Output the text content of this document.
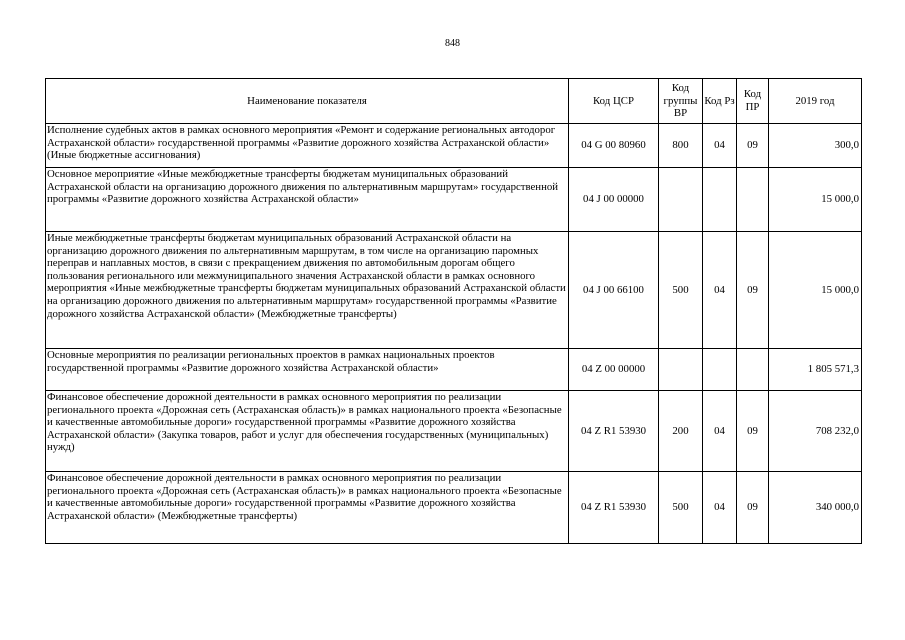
848
Наименование показателя	Код ЦСР	Код группы ВР	Код Рз	Код ПР	2019 год
Исполнение судебных актов в рамках основного мероприятия «Ремонт и содержание региональных автодорог Астраханской области» государственной программы «Развитие дорожного хозяйства Астраханской области» (Иные бюджетные ассигнования)	04 G 00 80960	800	04	09	300,0
Основное мероприятие «Иные межбюджетные трансферты бюджетам муниципальных образований Астраханской области на организацию дорожного движения по альтернативным маршрутам» государственной программы «Развитие дорожного хозяйства Астраханской области»	04 J 00 00000				15 000,0
Иные межбюджетные трансферты бюджетам муниципальных образований Астраханской области на организацию дорожного движения по альтернативным маршрутам, в том числе на организацию паромных переправ и наплавных мостов, в связи с прекращением движения по автомобильным дорогам общего пользования регионального или межмуниципального значения Астраханской области в рамках основного мероприятия «Иные межбюджетные трансферты бюджетам муниципальных образований Астраханской области на организацию дорожного движения по альтернативным маршрутам» государственной программы «Развитие дорожного хозяйства Астраханской области» (Межбюджетные трансферты)	04 J 00 66100	500	04	09	15 000,0
Основные мероприятия по реализации региональных проектов в рамках национальных проектов государственной программы «Развитие дорожного хозяйства Астраханской области»	04 Z 00 00000				1 805 571,3
Финансовое обеспечение дорожной деятельности в рамках основного мероприятия по реализации регионального проекта «Дорожная сеть (Астраханская область)» в рамках национального проекта «Безопасные и качественные автомобильные дороги» государственной программы «Развитие дорожного хозяйства Астраханской области» (Закупка товаров, работ и услуг для обеспечения государственных (муниципальных) нужд)	04 Z R1 53930	200	04	09	708 232,0
Финансовое обеспечение дорожной деятельности в рамках основного мероприятия по реализации регионального проекта «Дорожная сеть (Астраханская область)» в рамках национального проекта «Безопасные и качественные автомобильные дороги» государственной программы «Развитие дорожного хозяйства Астраханской области» (Межбюджетные трансферты)	04 Z R1 53930	500	04	09	340 000,0
